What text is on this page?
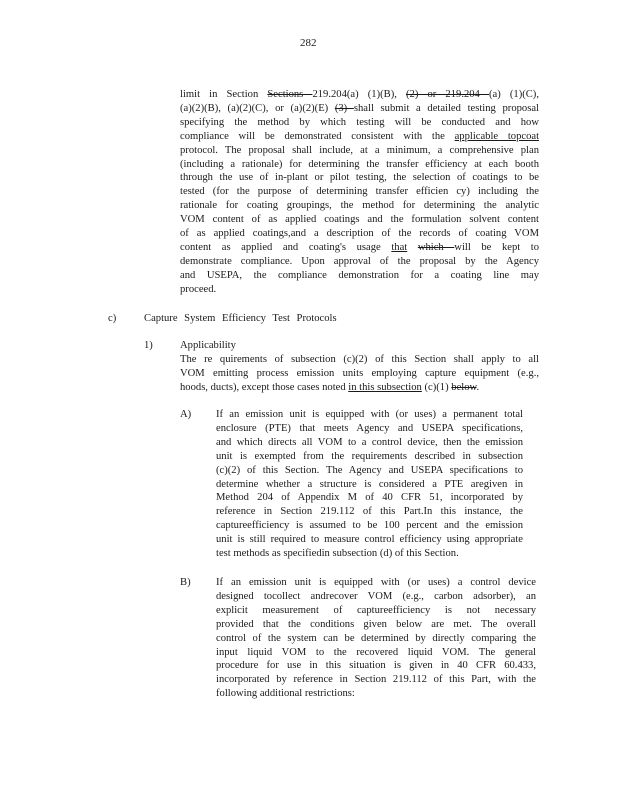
282
limit in Section Sections 219.204(a) (1)(B), (2) or 219.204 (a) (1)(C),
(a)(2)(B), (a)(2)(C), or (a)(2)(E) (3) shall submit a detailed testing proposal
specifying the method by which testing will be conducted and how
compliance will be demonstrated consistent with the applicable topcoat
protocol. The proposal shall include, at a minimum, a comprehensive plan
(including a rationale) for determining the transfer efficiency at each booth
through the use of in-plant or pilot testing, the selection of coatings to be
tested (for the purpose of determining transfer efficien cy) including the
rationale for coating groupings, the method for determining the analytic
VOM content of as applied coatings and the formulation solvent content
of as applied coatings,and a description of the records of coating VOM
content as applied and coating's usage that which will be kept to
demonstrate compliance. Upon approval of the proposal by the Agency
and USEPA, the compliance demonstration for a coating line may
proceed.
c)	Capture System Efficiency Test Protocols
1)	Applicability
The re quirements of subsection (c)(2) of this Section shall apply to all
VOM emitting process emission units employing capture equipment (e.g.,
hoods, ducts), except those cases noted in this subsection (c)(1) below.
A) If an emission unit is equipped with (or uses) a permanent total
enclosure (PTE) that meets Agency and USEPA specifications,
and which directs all VOM to a control device, then the emission
unit is exempted from the requirements described in subsection
(c)(2) of this Section. The Agency and USEPA specifications to
determine whether a structure is considered a PTE aregiven in
Method 204 of Appendix M of 40 CFR 51, incorporated by
reference in Section 219.112 of this Part.In this instance, the
captureefficiency is assumed to be 100 percent and the emission
unit is still required to measure control efficiency using appropriate
test methods as specifiedin subsection (d) of this Section.
B) If an emission unit is equipped with (or uses) a control device
designed tocollect andrecover VOM (e.g., carbon adsorber), an
explicit measurement of captureefficiency is not necessary
provided that the conditions given below are met. The overall
control of the system can be determined by directly comparing the
input liquid VOM to the recovered liquid VOM. The general
procedure for use in this situation is given in 40 CFR 60.433,
incorporated by reference in Section 219.112 of this Part, with the
following additional restrictions:
